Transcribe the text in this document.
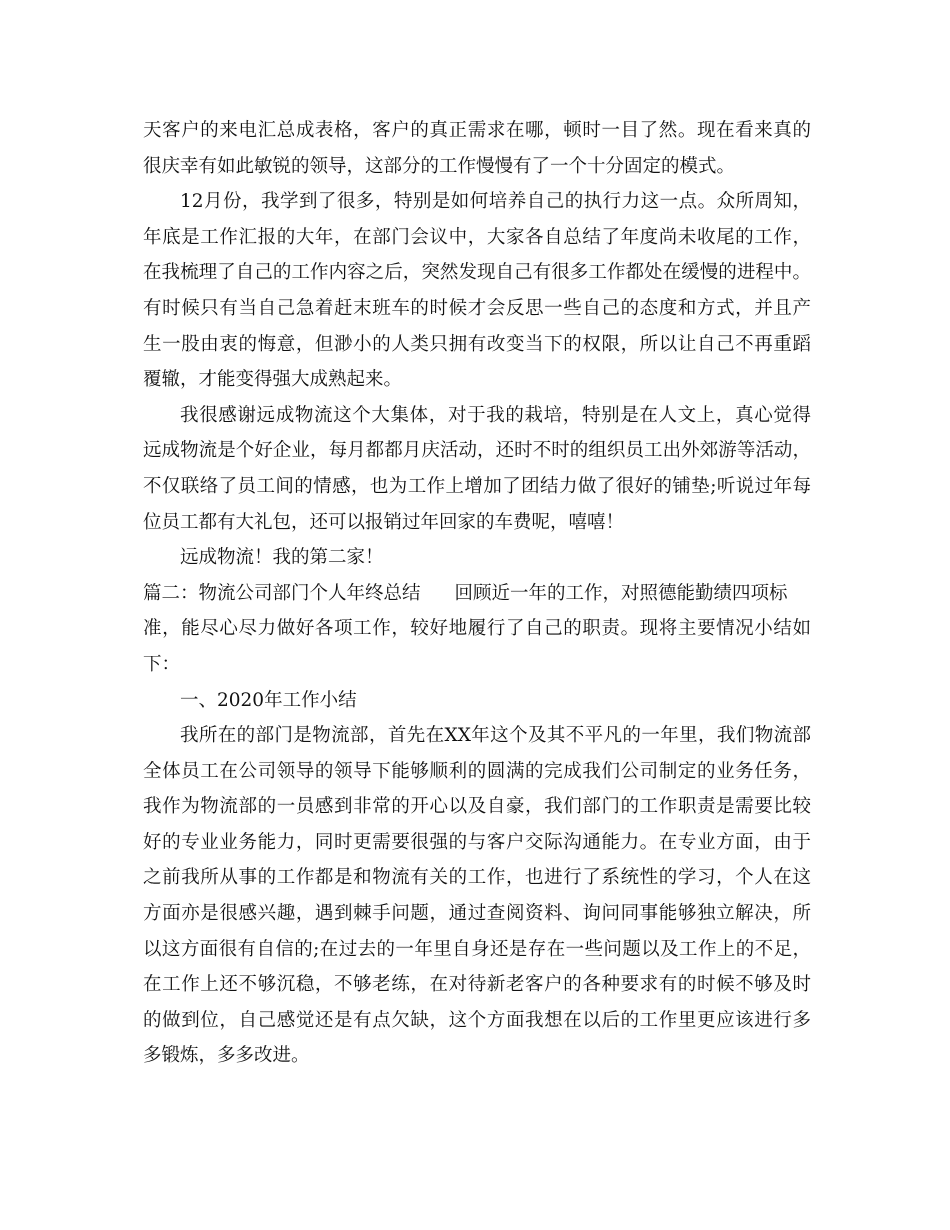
天客户的来电汇总成表格，客户的真正需求在哪，顿时一目了然。现在看来真的
很庆幸有如此敏锐的领导，这部分的工作慢慢有了一个十分固定的模式。
12月份，我学到了很多，特别是如何培养自己的执行力这一点。众所周知，
年底是工作汇报的大年，在部门会议中，大家各自总结了年度尚未收尾的工作，
在我梳理了自己的工作内容之后，突然发现自己有很多工作都处在缓慢的进程中。
有时候只有当自己急着赶末班车的时候才会反思一些自己的态度和方式，并且产
生一股由衷的悔意，但渺小的人类只拥有改变当下的权限，所以让自己不再重蹈
覆辙，才能变得强大成熟起来。
我很感谢远成物流这个大集体，对于我的栽培，特别是在人文上，真心觉得
远成物流是个好企业，每月都都月庆活动，还时不时的组织员工出外郊游等活动，
不仅联络了员工间的情感，也为工作上增加了团结力做了很好的铺垫;听说过年每
位员工都有大礼包，还可以报销过年回家的车费呢，嘻嘻！
远成物流！我的第二家！
篇二：物流公司部门个人年终总结 回顾近一年的工作，对照德能勤绩四项标
准，能尽心尽力做好各项工作，较好地履行了自己的职责。现将主要情况小结如
下：
一、2020年工作小结
我所在的部门是物流部，首先在XX年这个及其不平凡的一年里，我们物流部
全体员工在公司领导的领导下能够顺利的圆满的完成我们公司制定的业务任务，
我作为物流部的一员感到非常的开心以及自豪，我们部门的工作职责是需要比较
好的专业业务能力，同时更需要很强的与客户交际沟通能力。在专业方面，由于
之前我所从事的工作都是和物流有关的工作，也进行了系统性的学习，个人在这
方面亦是很感兴趣，遇到棘手问题，通过查阅资料、询问同事能够独立解决，所
以这方面很有自信的;在过去的一年里自身还是存在一些问题以及工作上的不足，
在工作上还不够沉稳，不够老练，在对待新老客户的各种要求有的时候不够及时
的做到位，自己感觉还是有点欠缺，这个方面我想在以后的工作里更应该进行多
多锻炼，多多改进。
